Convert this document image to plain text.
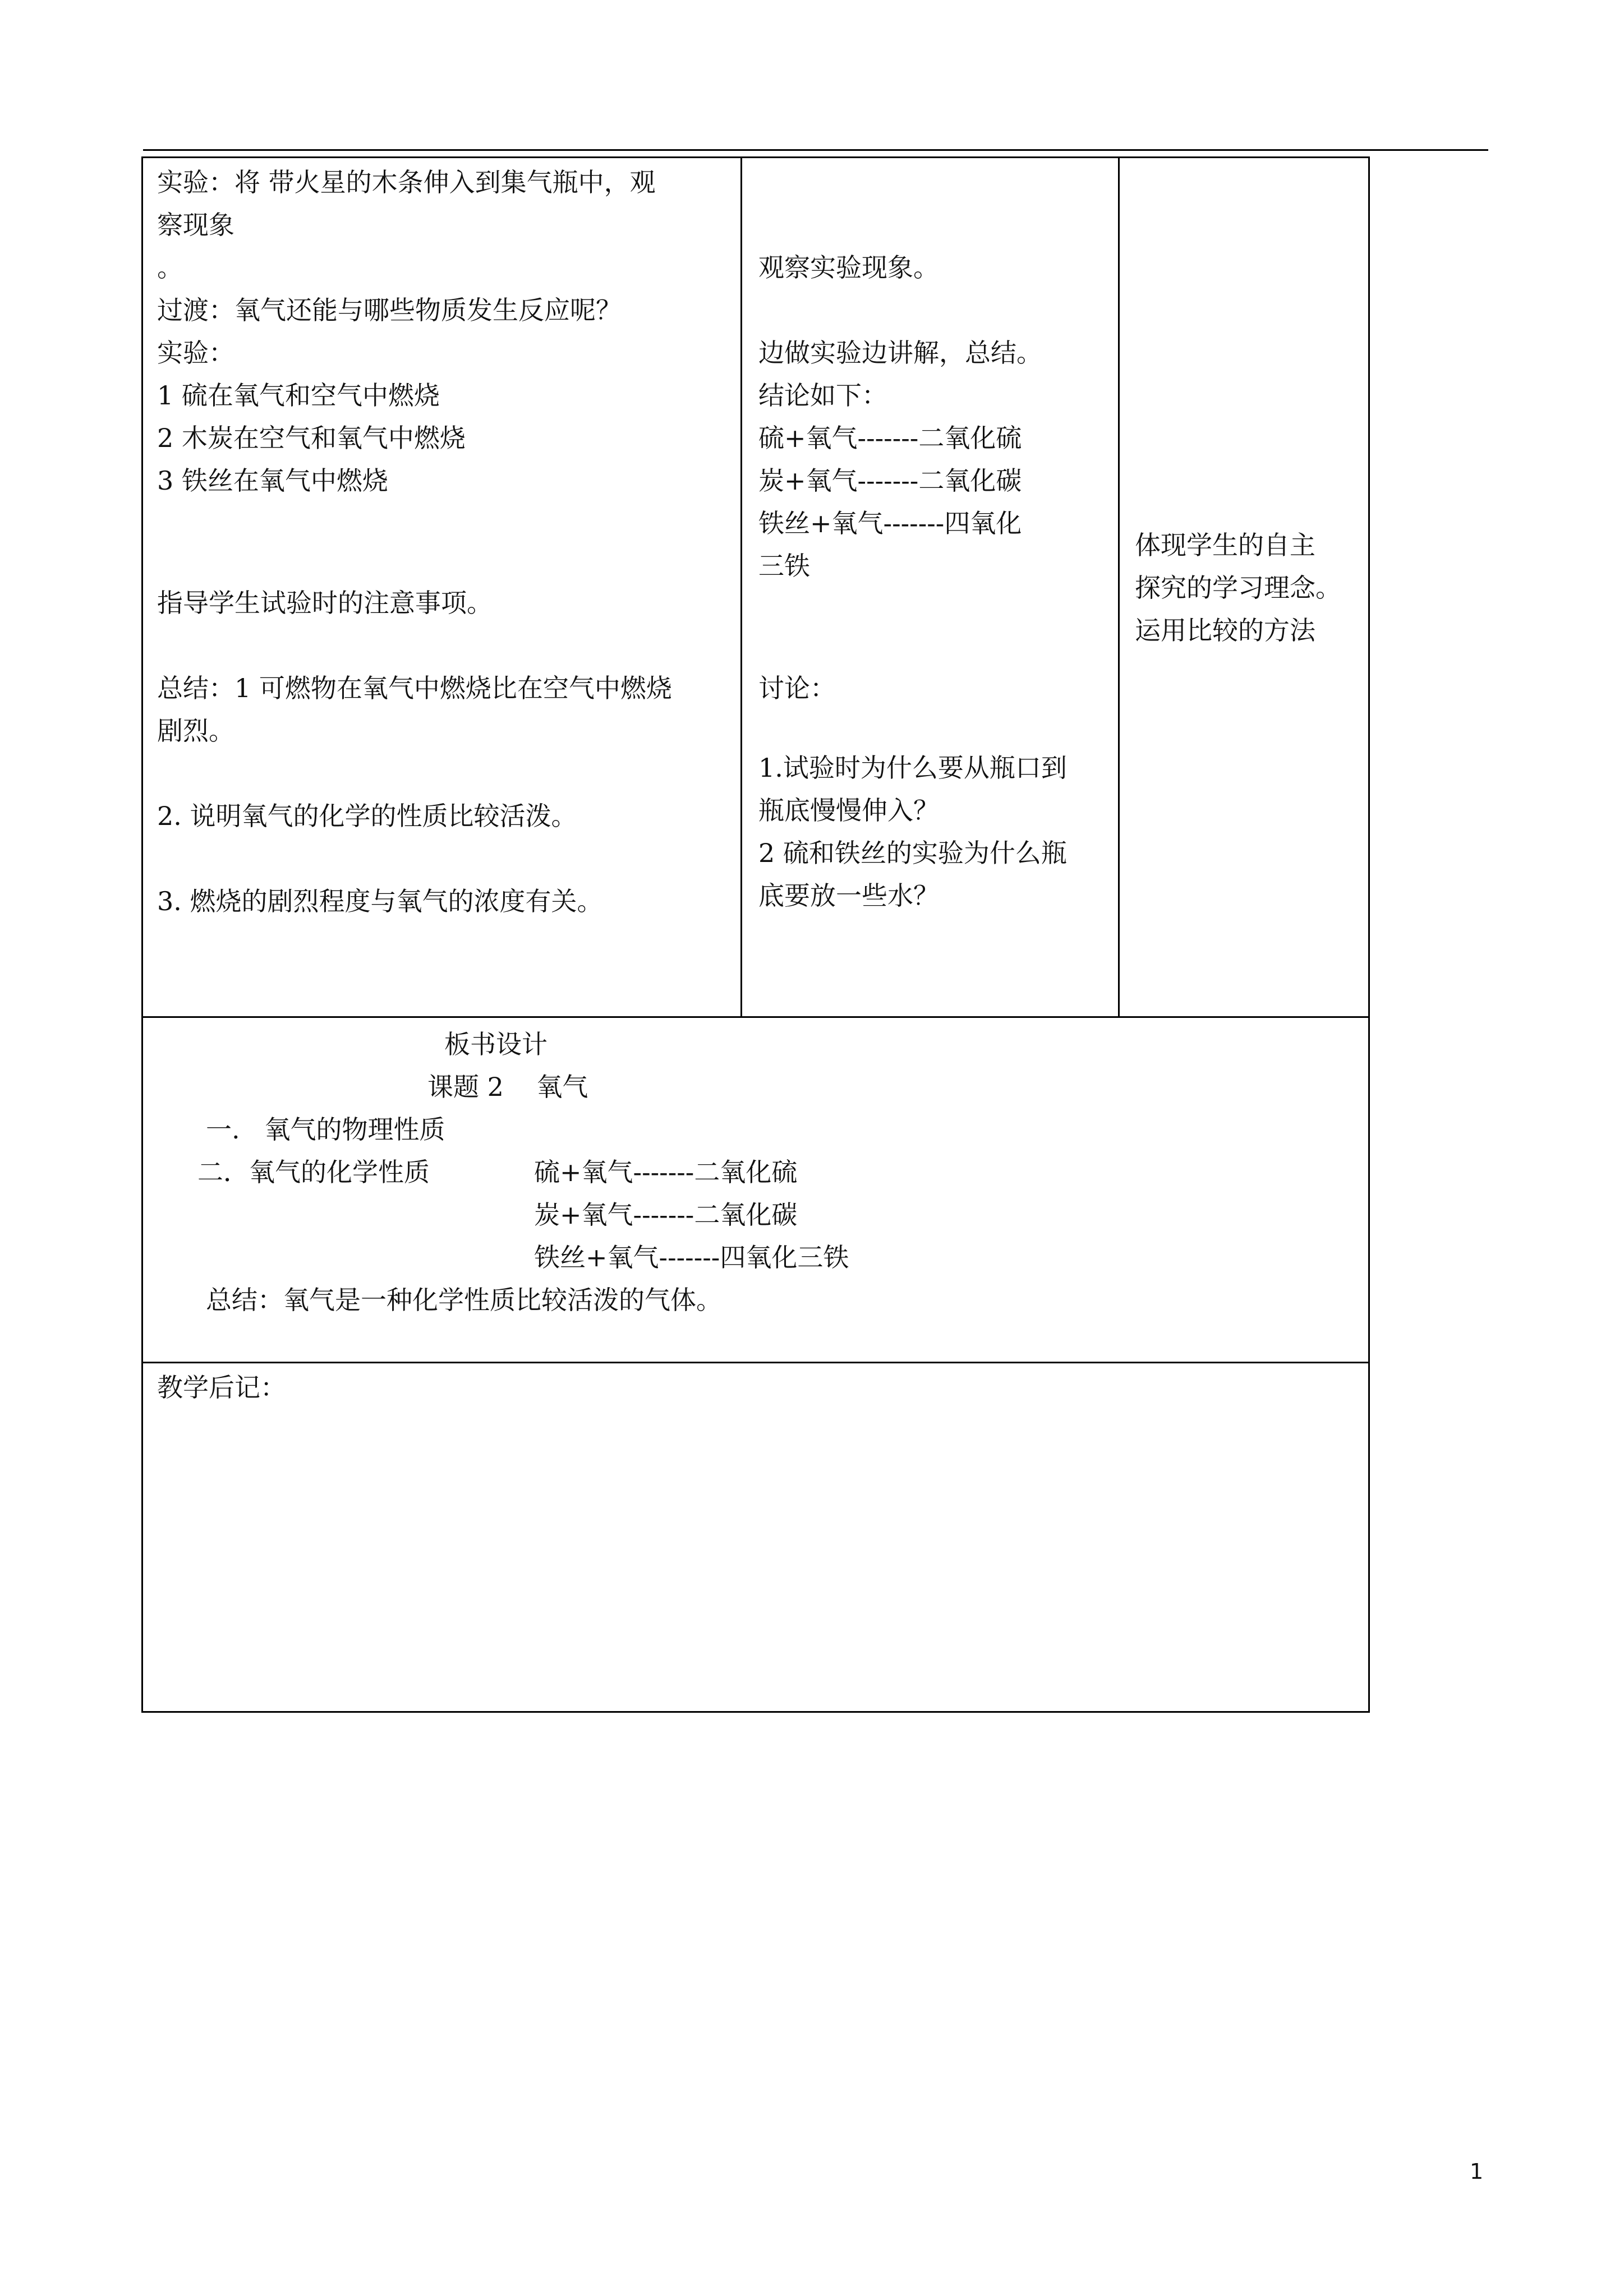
实验：将 带火星的木条伸入到集气瓶中，观

察现象

。

过渡：氧气还能与哪些物质发生反应呢？

实验：

1 硫在氧气和空气中燃烧

2 木炭在空气和氧气中燃烧

3 铁丝在氧气中燃烧

指导学生试验时的注意事项。

总结：1 可燃物在氧气中燃烧比在空气中燃烧

剧烈。

2. 说明氧气的化学的性质比较活泼。

3. 燃烧的剧烈程度与氧气的浓度有关。

观察实验现象。

边做实验边讲解，总结。

结论如下：

硫+氧气-------二氧化硫

炭+氧气-------二氧化碳

铁丝+氧气-------四氧化

三铁

讨论：

1.试验时为什么要从瓶口到

瓶底慢慢伸入？

2 硫和铁丝的实验为什么瓶

底要放一些水？

体现学生的自主

探究的学习理念。

运用比较的方法

板书设计

课题 2    氧气

一.   氧气的物理性质

二．氧气的化学性质	硫+氧气-------二氧化硫

炭+氧气-------二氧化碳

铁丝+氧气-------四氧化三铁

总结：氧气是一种化学性质比较活泼的气体。

教学后记：

1
